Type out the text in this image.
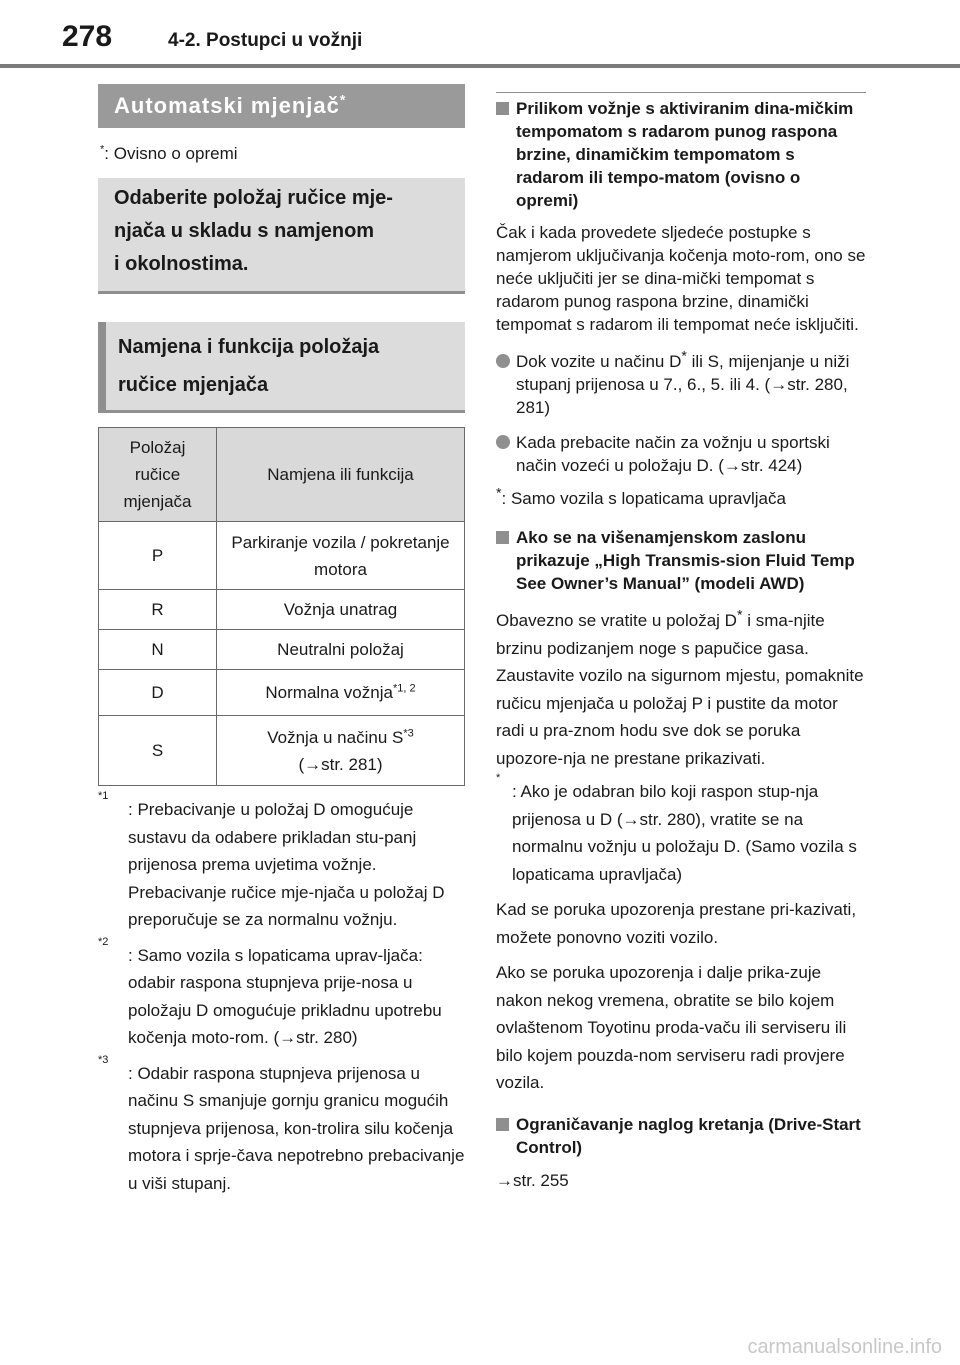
278	4-2. Postupci u vožnji
Automatski mjenjač*
*: Ovisno o opremi
Odaberite položaj ručice mje-
njača u skladu s namjenom
i okolnostima.
Namjena i funkcija položaja
ručice mjenjača
Položaj ručice mjenjača	Namjena ili funkcija
P	Parkiranje vozila / pokretanje motora
R	Vožnja unatrag
N	Neutralni položaj
D	Normalna vožnja$^{*1, 2}$
S	Vožnja u načinu $S^{*3}$
(→str. 281)
*1
: Prebacivanje u položaj D omogućuje sustavu da odabere prikladan stu-panj prijenosa prema uvjetima vožnje. Prebacivanje ručice mje-njača u položaj D preporučuje se za normalnu vožnju.
*2
: Samo vozila s lopaticama uprav-ljača: odabir raspona stupnjeva prije-nosa u položaju D omogućuje prikladnu upotrebu kočenja moto-rom. (→str. 280)
*3
: Odabir raspona stupnjeva prijenosa u načinu S smanjuje gornju granicu mogućih stupnjeva prijenosa, kon-trolira silu kočenja motora i sprje-čava nepotrebno prebacivanje u viši stupanj.
Prilikom vožnje s aktiviranim dina-mičkim tempomatom s radarom punog raspona brzine, dinamičkim tempomatom s radarom ili tempo-matom (ovisno o opremi)
Čak i kada provedete sljedeće postupke s namjerom uključivanja kočenja moto-rom, ono se neće uključiti jer se dina-mički tempomat s radarom punog raspona brzine, dinamički tempomat s radarom ili tempomat neće isključiti.
Dok vozite u načinu D* ili S, mijenjanje u niži stupanj prijenosa u 7., 6., 5. ili 4. (→str. 280, 281)
Kada prebacite način za vožnju u sportski način vozeći u položaju D. (→str. 424)
*: Samo vozila s lopaticama upravljača
Ako se na višenamjenskom zaslonu prikazuje „High Transmis-sion Fluid Temp See Owner’s Manual” (modeli AWD)
Obavezno se vratite u položaj D* i sma-njite brzinu podizanjem noge s papučice gasa. Zaustavite vozilo na sigurnom mjestu, pomaknite ručicu mjenjača u položaj P i pustite da motor radi u pra-znom hodu sve dok se poruka upozore-nja ne prestane prikazivati.
*
: Ako je odabran bilo koji raspon stup-nja prijenosa u D (→str. 280), vratite se na normalnu vožnju u položaju D. (Samo vozila s lopaticama upravljača)
Kad se poruka upozorenja prestane pri-kazivati, možete ponovno voziti vozilo.
Ako se poruka upozorenja i dalje prika-zuje nakon nekog vremena, obratite se bilo kojem ovlaštenom Toyotinu proda-vaču ili serviseru ili bilo kojem pouzda-nom serviseru radi provjere vozila.
Ograničavanje naglog kretanja (Drive-Start Control)
→str. 255
carmanualsonline.info
